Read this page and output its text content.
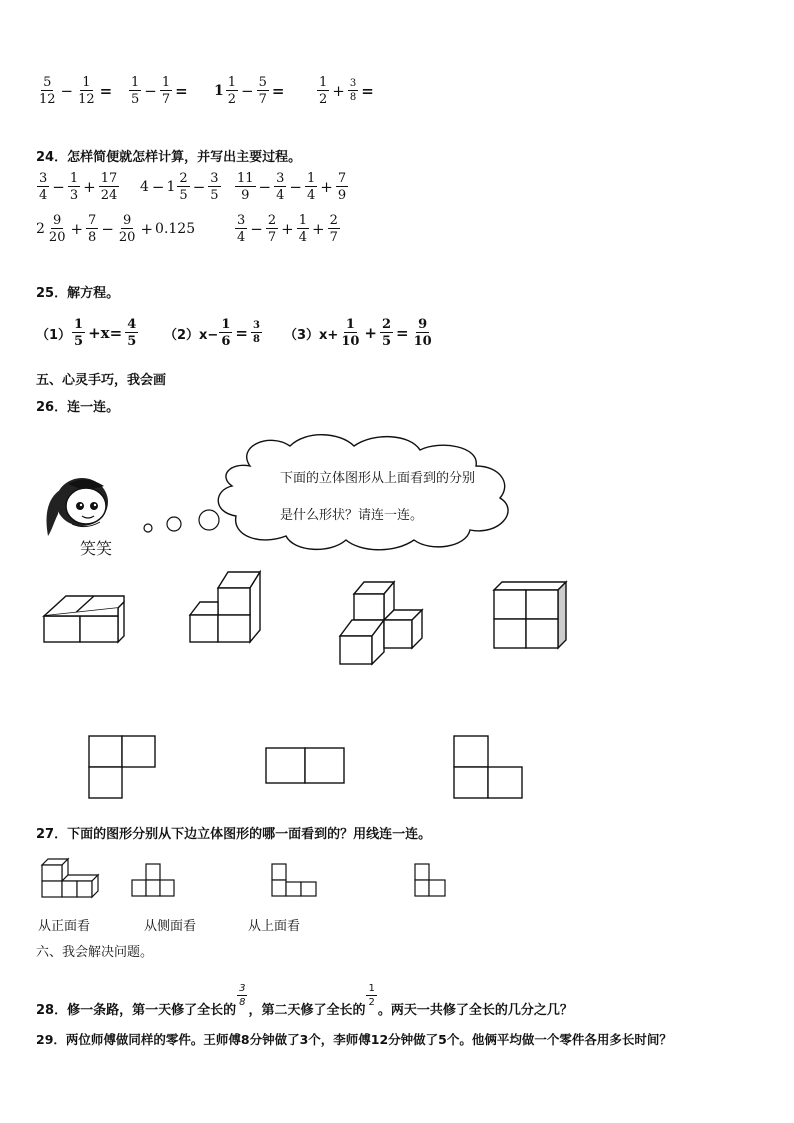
$\frac{5}{12} - \frac{1}{12} = \frac{1}{5} - \frac{1}{7} = 1 \frac{1}{2} - \frac{5}{7}$ =	$\frac{1}{2} + \frac{3}{8}$ =
24．怎样简便就怎样计算，并写出主要过程。
$\frac{3}{4} - \frac{1}{3} + \frac{17}{24} 4 - 1 \frac{2}{5} - \frac{3}{5} \frac{11}{9} - \frac{3}{4} - \frac{1}{4} + \frac{7}{9}$
$2 \frac{9}{20} + \frac{7}{8} - \frac{9}{20} + 0.125$	$\frac{3}{4} - \frac{2}{7} + \frac{1}{4} + \frac{2}{7}$
25．解方程。
$(1) \frac{1}{5} +x= \frac{4}{5} (2)x- \frac{1}{6} = \frac{3}{8} (3)x+ \frac{1}{10} + \frac{2}{5} = \frac{9}{10}$
五、心灵手巧，我会画
26．连一连。
笑笑
下面的立体图形从上面看到的分别
是什么形状？请连一连。
27．下面的图形分别从下边立体图形的哪一面看到的？用线连一连。
从正面看	从侧面看	从上面看
六、我会解决问题。
28．修一条路，第一天修了全长的
$\frac{3}{8}$
，第二天修了全长的
$\frac{1}{2}$
。两天一共修了全长的几分之几？
29．两位师傅做同样的零件。王师傅8分钟做了3个，李师傅12分钟做了5个。他俩平均做一个零件各用多长时间？
